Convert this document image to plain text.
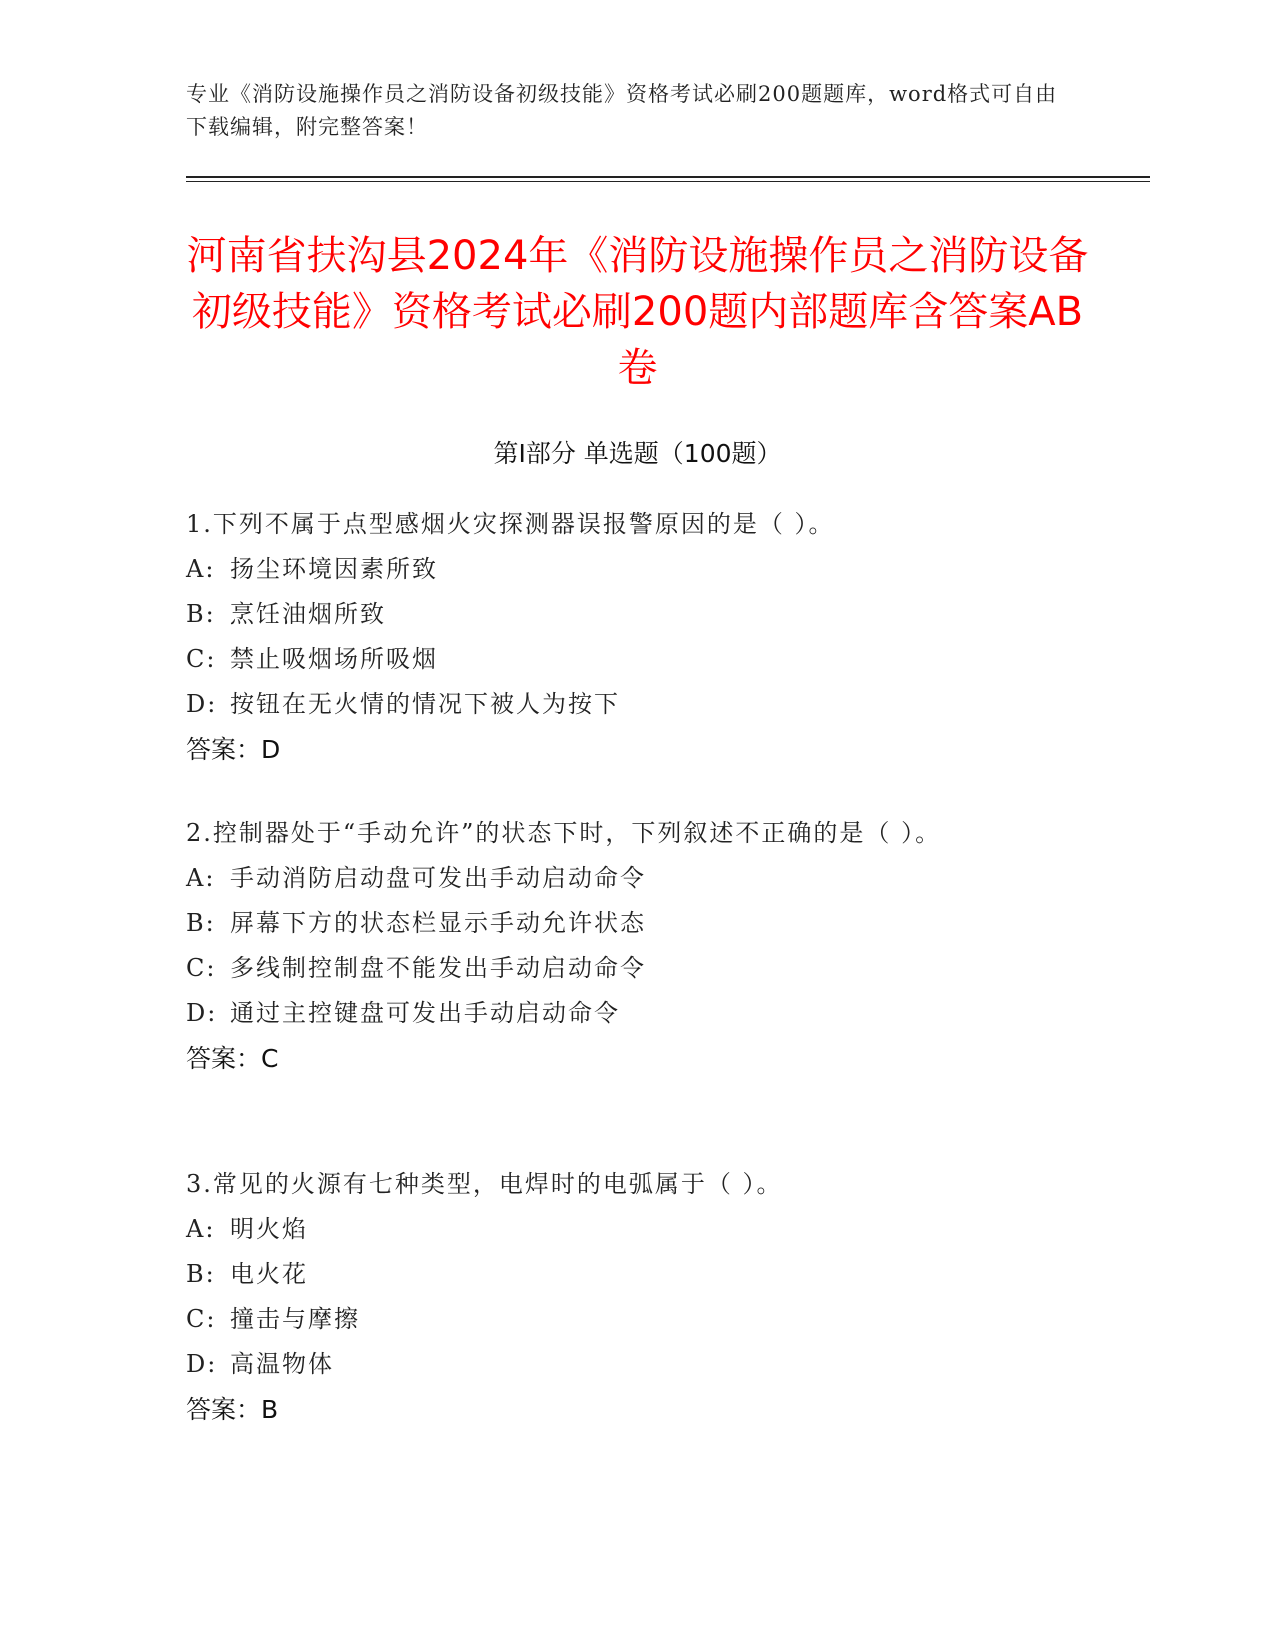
专业《消防设施操作员之消防设备初级技能》资格考试必刷200题题库，word格式可自由下载编辑，附完整答案！
河南省扶沟县2024年《消防设施操作员之消防设备初级技能》资格考试必刷200题内部题库含答案AB卷
第Ⅰ部分 单选题（100题）
1.下列不属于点型感烟火灾探测器误报警原因的是（ ）。
A: 扬尘环境因素所致
B: 烹饪油烟所致
C: 禁止吸烟场所吸烟
D: 按钮在无火情的情况下被人为按下
答案：D
2.控制器处于“手动允许”的状态下时，下列叙述不正确的是（ ）。
A: 手动消防启动盘可发出手动启动命令
B: 屏幕下方的状态栏显示手动允许状态
C: 多线制控制盘不能发出手动启动命令
D: 通过主控键盘可发出手动启动命令
答案：C
3.常见的火源有七种类型，电焊时的电弧属于（ ）。
A: 明火焰
B: 电火花
C: 撞击与摩擦
D: 高温物体
答案：B
